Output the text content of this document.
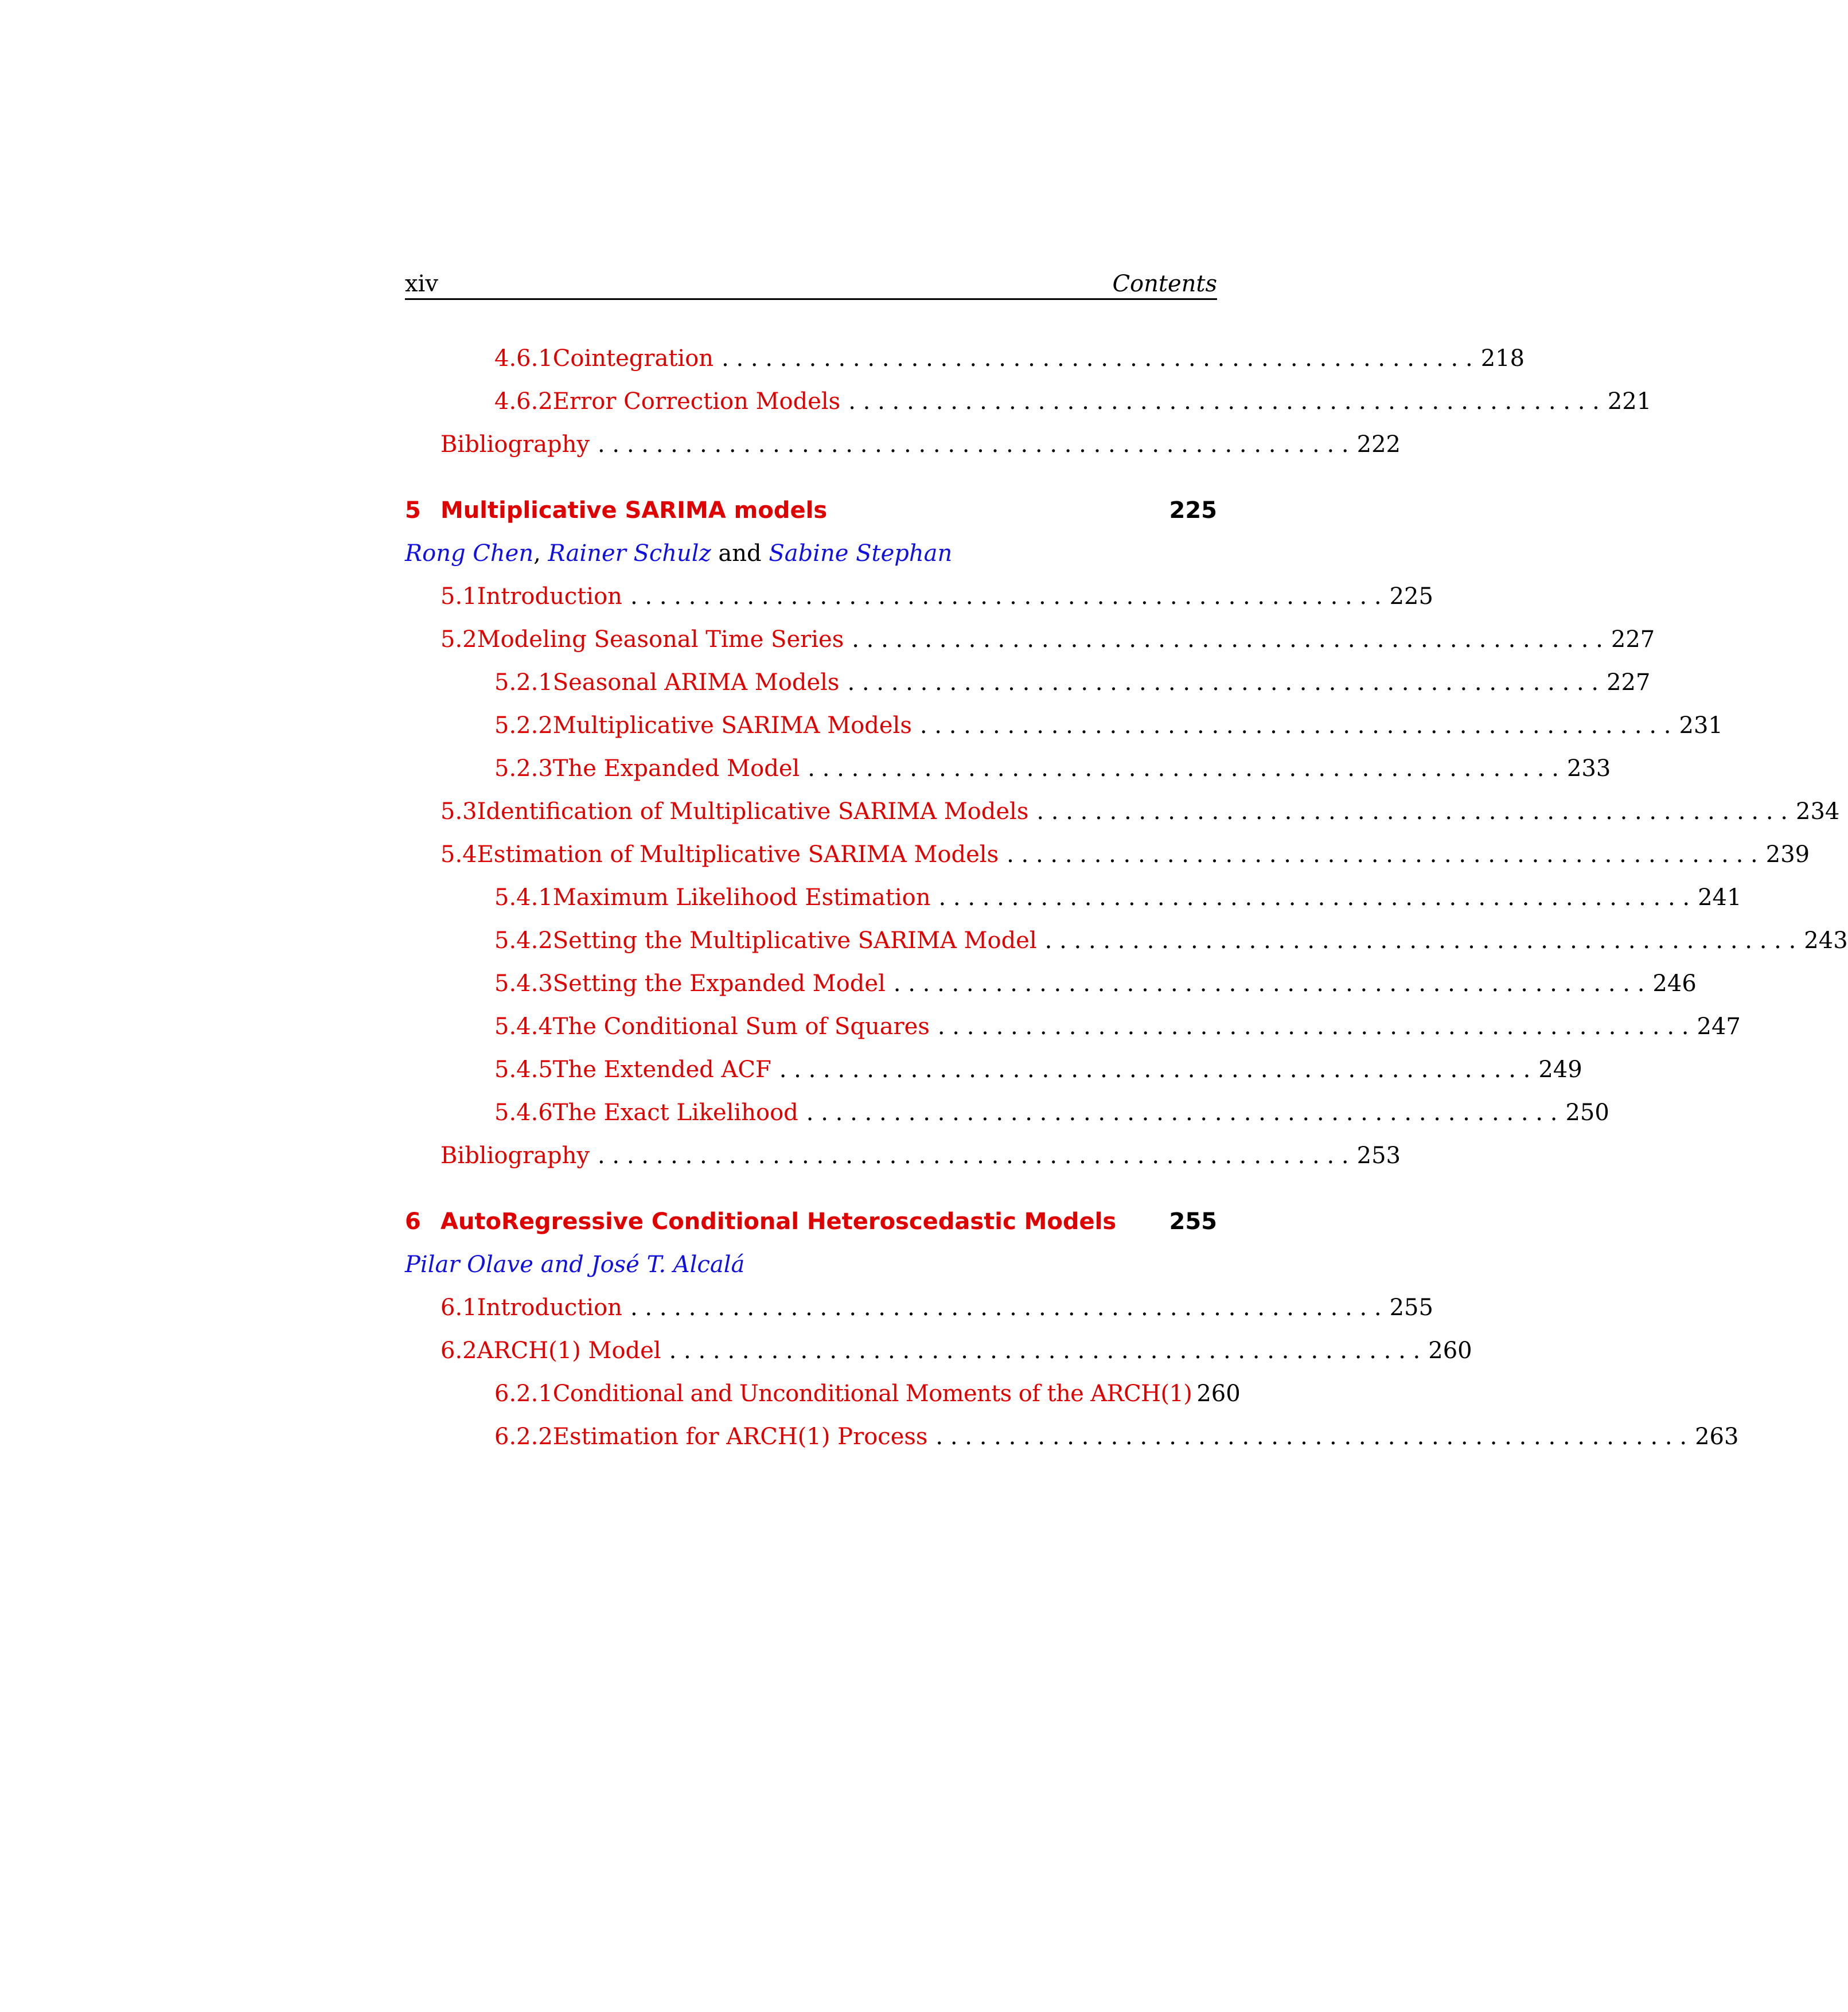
xiv	Contents
4.6.1 Cointegration . . . . . . . . . . . . . . . . . . . . . . . . . . . . . . . . . . . . . . . . . . . . . . . . . . . . 218
4.6.2 Error Correction Models . . . . . . . . . . . . . . . . . . . . . . . . . . . . . . . . . . . . . . . . . . . . . . . . . . . . 221
Bibliography . . . . . . . . . . . . . . . . . . . . . . . . . . . . . . . . . . . . . . . . . . . . . . . . . . . . 222
5 Multiplicative SARIMA models	225
Rong Chen, Rainer Schulz and Sabine Stephan
5.1 Introduction . . . . . . . . . . . . . . . . . . . . . . . . . . . . . . . . . . . . . . . . . . . . . . . . . . . . 225
5.2 Modeling Seasonal Time Series . . . . . . . . . . . . . . . . . . . . . . . . . . . . . . . . . . . . . . . . . . . . . . . . . . . . 227
5.2.1 Seasonal ARIMA Models . . . . . . . . . . . . . . . . . . . . . . . . . . . . . . . . . . . . . . . . . . . . . . . . . . . . 227
5.2.2 Multiplicative SARIMA Models . . . . . . . . . . . . . . . . . . . . . . . . . . . . . . . . . . . . . . . . . . . . . . . . . . . . 231
5.2.3 The Expanded Model . . . . . . . . . . . . . . . . . . . . . . . . . . . . . . . . . . . . . . . . . . . . . . . . . . . . 233
5.3 Identification of Multiplicative SARIMA Models . . . . . . . . . . . . . . . . . . . . . . . . . . . . . . . . . . . . . . . . . . . . . . . . . . . . 234
5.4 Estimation of Multiplicative SARIMA Models . . . . . . . . . . . . . . . . . . . . . . . . . . . . . . . . . . . . . . . . . . . . . . . . . . . . 239
5.4.1 Maximum Likelihood Estimation . . . . . . . . . . . . . . . . . . . . . . . . . . . . . . . . . . . . . . . . . . . . . . . . . . . . 241
5.4.2 Setting the Multiplicative SARIMA Model . . . . . . . . . . . . . . . . . . . . . . . . . . . . . . . . . . . . . . . . . . . . . . . . . . . . 243
5.4.3 Setting the Expanded Model . . . . . . . . . . . . . . . . . . . . . . . . . . . . . . . . . . . . . . . . . . . . . . . . . . . . 246
5.4.4 The Conditional Sum of Squares . . . . . . . . . . . . . . . . . . . . . . . . . . . . . . . . . . . . . . . . . . . . . . . . . . . . 247
5.4.5 The Extended ACF . . . . . . . . . . . . . . . . . . . . . . . . . . . . . . . . . . . . . . . . . . . . . . . . . . . . 249
5.4.6 The Exact Likelihood . . . . . . . . . . . . . . . . . . . . . . . . . . . . . . . . . . . . . . . . . . . . . . . . . . . . 250
Bibliography . . . . . . . . . . . . . . . . . . . . . . . . . . . . . . . . . . . . . . . . . . . . . . . . . . . . 253
6 AutoRegressive Conditional Heteroscedastic Models 255
Pilar Olave and José T. Alcalá
6.1 Introduction . . . . . . . . . . . . . . . . . . . . . . . . . . . . . . . . . . . . . . . . . . . . . . . . . . . . 255
6.2 ARCH(1) Model . . . . . . . . . . . . . . . . . . . . . . . . . . . . . . . . . . . . . . . . . . . . . . . . . . . . 260
6.2.1 Conditional and Unconditional Moments of the ARCH(1) 260
6.2.2 Estimation for ARCH(1) Process . . . . . . . . . . . . . . . . . . . . . . . . . . . . . . . . . . . . . . . . . . . . . . . . . . . . 263
